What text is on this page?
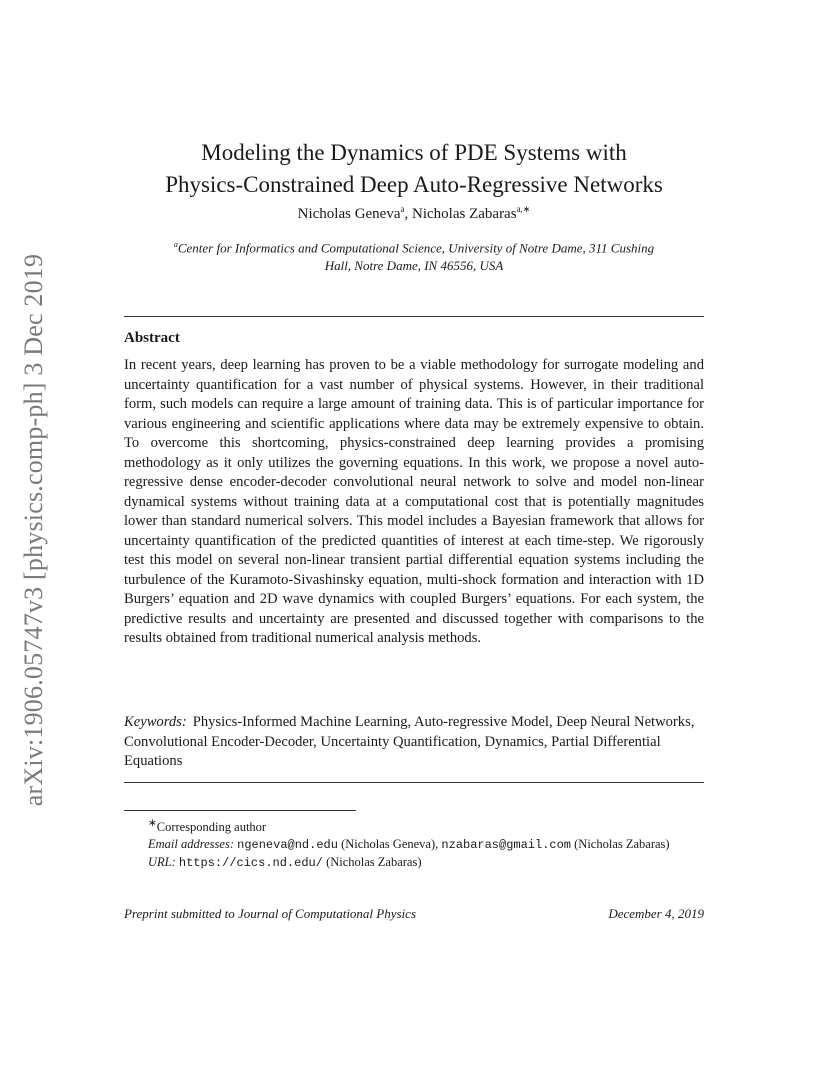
arXiv:1906.05747v3 [physics.comp-ph] 3 Dec 2019
Modeling the Dynamics of PDE Systems with
Physics-Constrained Deep Auto-Regressive Networks
Nicholas Geneva$^a$, Nicholas Zabaras$^{a,∗}$
$^a$Center for Informatics and Computational Science, University of Notre Dame, 311 Cushing
Hall, Notre Dame, IN 46556, USA
Abstract
In recent years, deep learning has proven to be a viable methodology for surrogate modeling and uncertainty quantification for a vast number of physical systems. However, in their traditional form, such models can require a large amount of training data. This is of particular importance for various engineering and scientific applications where data may be extremely expensive to obtain. To overcome this shortcoming, physics-constrained deep learning provides a promising methodology as it only utilizes the governing equations. In this work, we propose a novel auto-regressive dense encoder-decoder convolutional neural network to solve and model non-linear dynamical systems without training data at a computational cost that is potentially magnitudes lower than standard numerical solvers. This model includes a Bayesian framework that allows for uncertainty quantification of the predicted quantities of interest at each time-step. We rigorously test this model on several non-linear transient partial differential equation systems including the turbulence of the Kuramoto-Sivashinsky equation, multi-shock formation and interaction with 1D Burgers’ equation and 2D wave dynamics with coupled Burgers’ equations. For each system, the predictive results and uncertainty are presented and discussed together with comparisons to the results obtained from traditional numerical analysis methods.
Keywords: Physics-Informed Machine Learning, Auto-regressive Model, Deep Neural Networks, Convolutional Encoder-Decoder, Uncertainty Quantification, Dynamics, Partial Differential Equations
∗Corresponding author
Email addresses: ngeneva@nd.edu (Nicholas Geneva), nzabaras@gmail.com (Nicholas Zabaras)
URL: https://cics.nd.edu/ (Nicholas Zabaras)
Preprint submitted to Journal of Computational Physics	December 4, 2019
